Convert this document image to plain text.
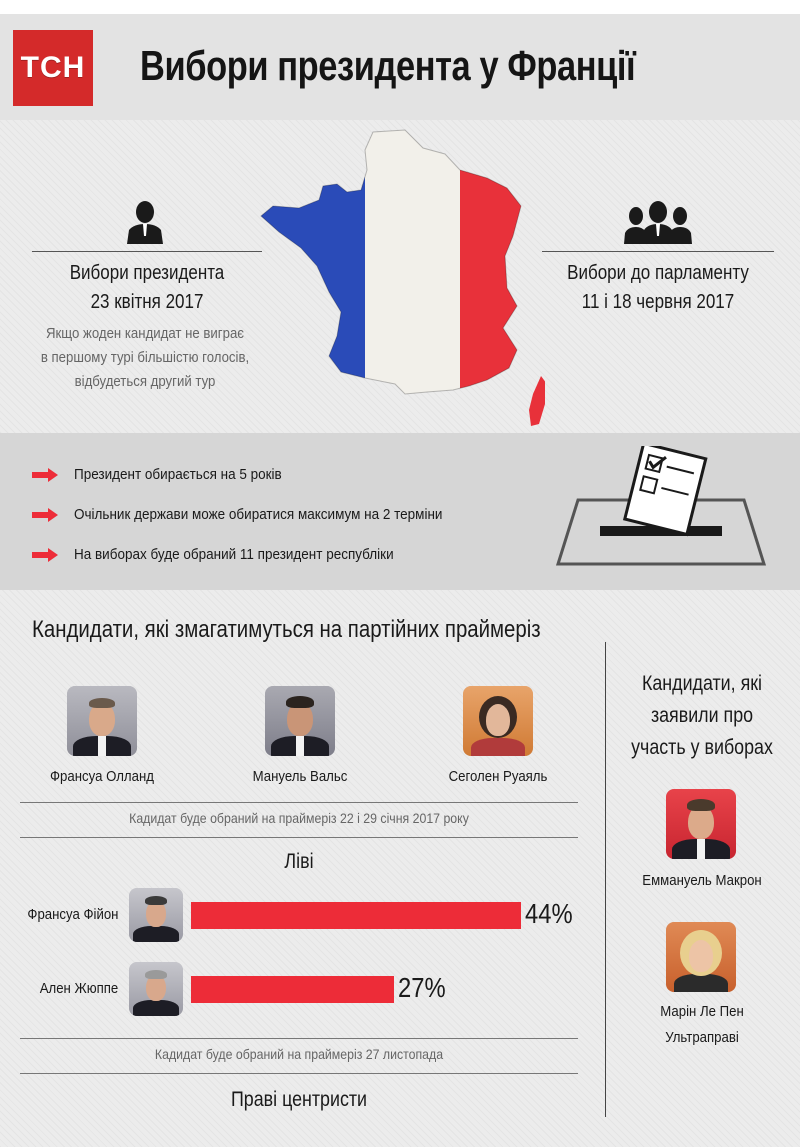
ТСН Вибори президента у Франції
Вибори президента
23 квітня 2017
Якщо жоден кандидат не виграє
в першому турі більшістю голосів,
відбудеться другий тур
Вибори до парламенту
11 і 18 червня 2017
Президент обирається на 5 років
Очільник держави може обиратися максимум на 2 терміни
На виборах буде обраний 11 президент республіки
Кандидати, які змагатимуться на партійних праймеріз
Франсуа Олланд	Мануель Вальс	Сеголен Руаяль
Кадидат буде обраний на праймеріз 22 і 29 січня 2017 року
Ліві
Кадидат буде обраний на праймеріз 27 листопада
Праві центристи
Кандидати, які
заявили про
участь у виборах
Еммануель Макрон
Марін Ле Пен
Ультраправі
Франсуа Фійон	44%
Ален Жюппе	27%
